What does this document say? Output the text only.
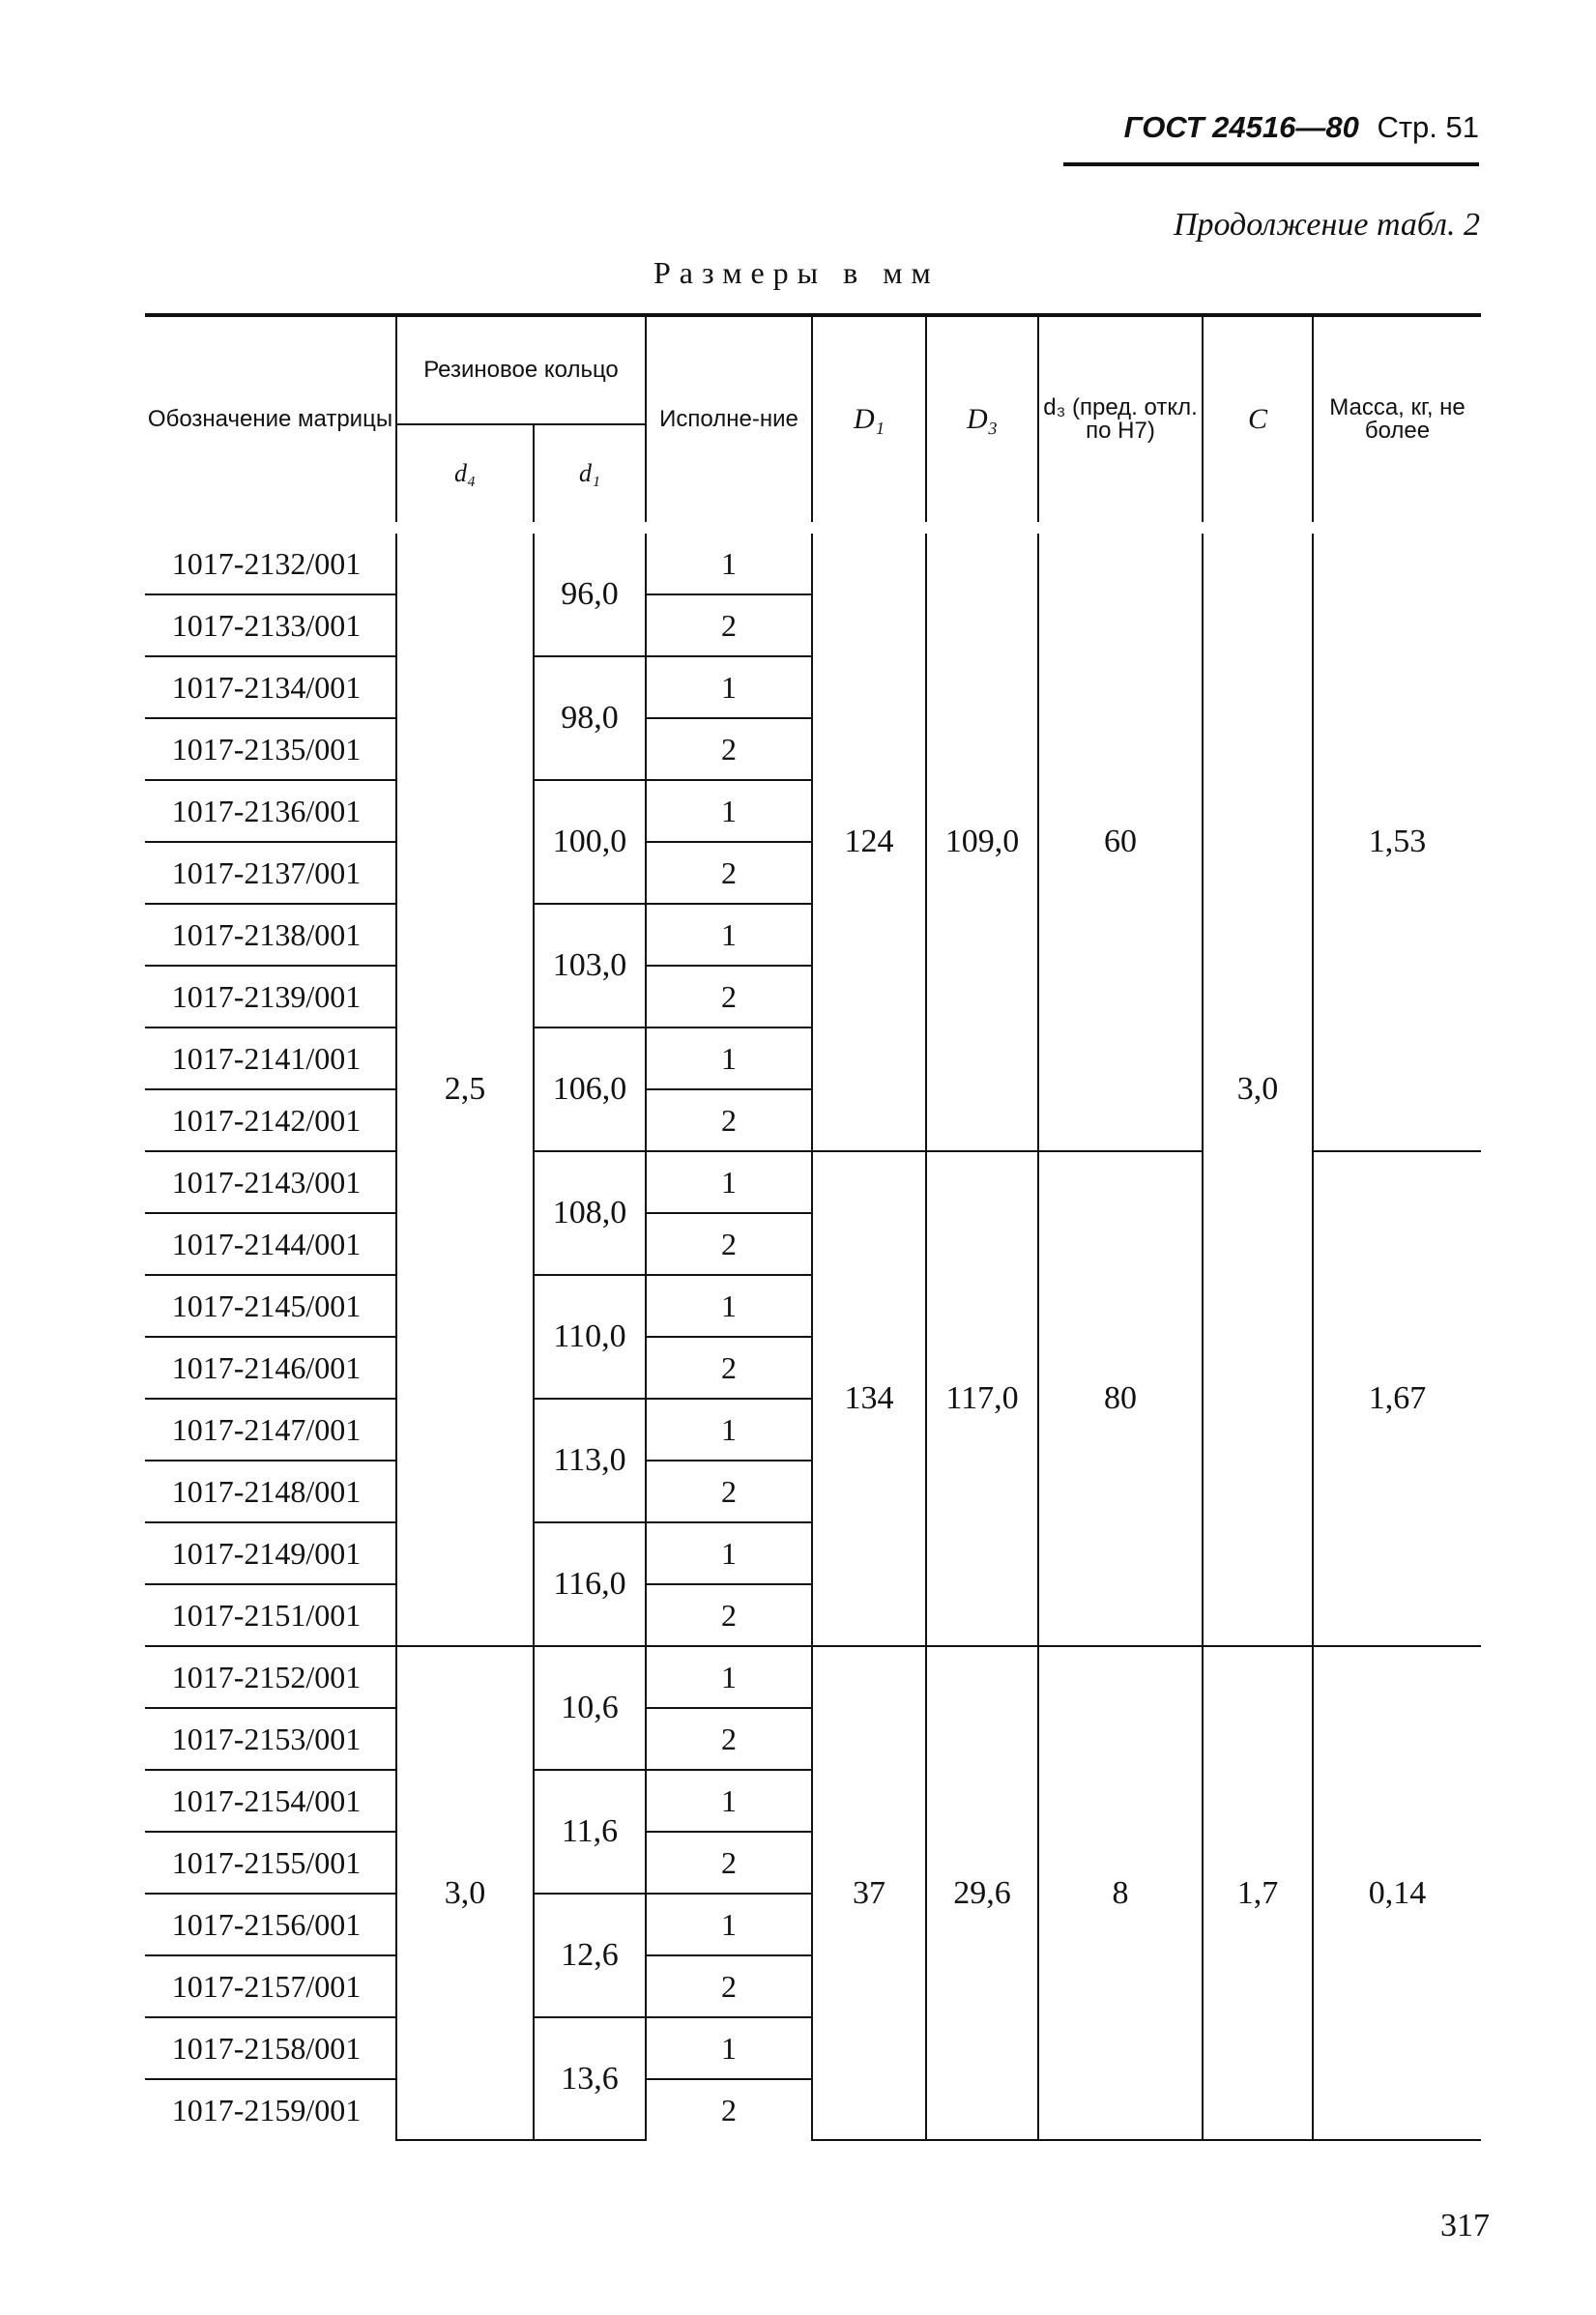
ГОСТ 24516—80 Стр. 51
Продолжение табл. 2
Размеры в мм
Обозначение матрицы	Резиновое кольцо		Исполне-ние	D₁	D₃	d₃ (пред. откл. по Н7)	C	Масса, кг, не более
	d₄	d₁						
1017-2132/001	2,5	96,0	1	124	109,0	60	3,0	1,53
1017-2133/001			2					
1017-2134/001		98,0	1					
1017-2135/001			2					
1017-2136/001		100,0	1					
1017-2137/001			2					
1017-2138/001		103,0	1					
1017-2139/001			2					
1017-2141/001		106,0	1					
1017-2142/001			2					
1017-2143/001		108,0	1	134	117,0	80		1,67
1017-2144/001			2					
1017-2145/001		110,0	1					
1017-2146/001			2					
1017-2147/001		113,0	1					
1017-2148/001			2					
1017-2149/001		116,0	1					
1017-2151/001			2					
1017-2152/001	3,0	10,6	1	37	29,6	8	1,7	0,14
1017-2153/001			2					
1017-2154/001		11,6	1					
1017-2155/001			2					
1017-2156/001		12,6	1					
1017-2157/001			2					
1017-2158/001		13,6	1					
1017-2159/001			2					
317
